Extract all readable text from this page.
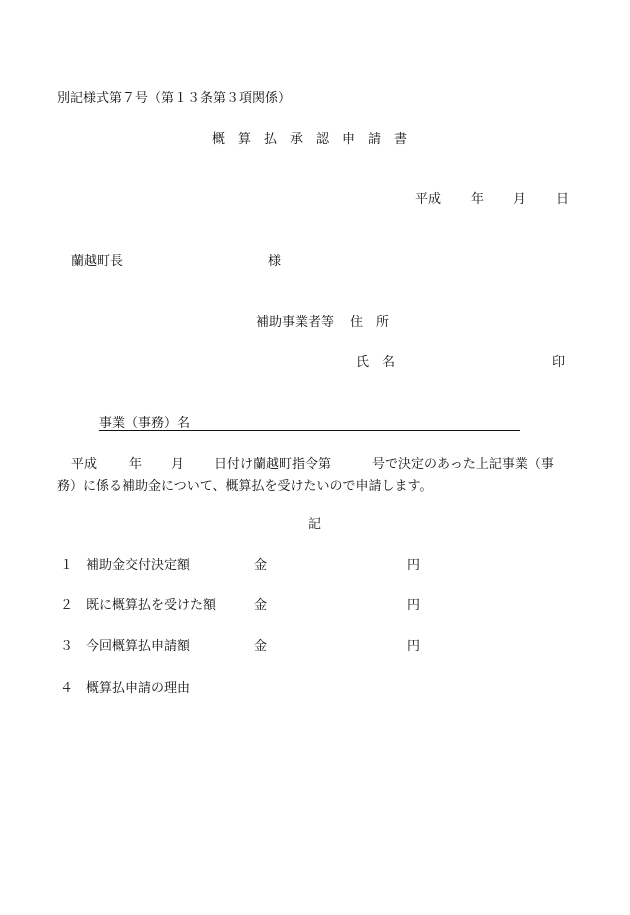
別記様式第７号（第１３条第３項関係）
概算払承認申請書
平成 年 月 日
蘭越町長	様
補助事業者等 住　所
氏　名	印
事業（事務）名
平成 年 月 日付け蘭越町指令第	号で決定のあった上記事業（事
務）に係る補助金について、概算払を受けたいので申請します。
記
１ 補助金交付決定額	金	円
２ 既に概算払を受けた額	金	円
３ 今回概算払申請額	金	円
４ 概算払申請の理由
